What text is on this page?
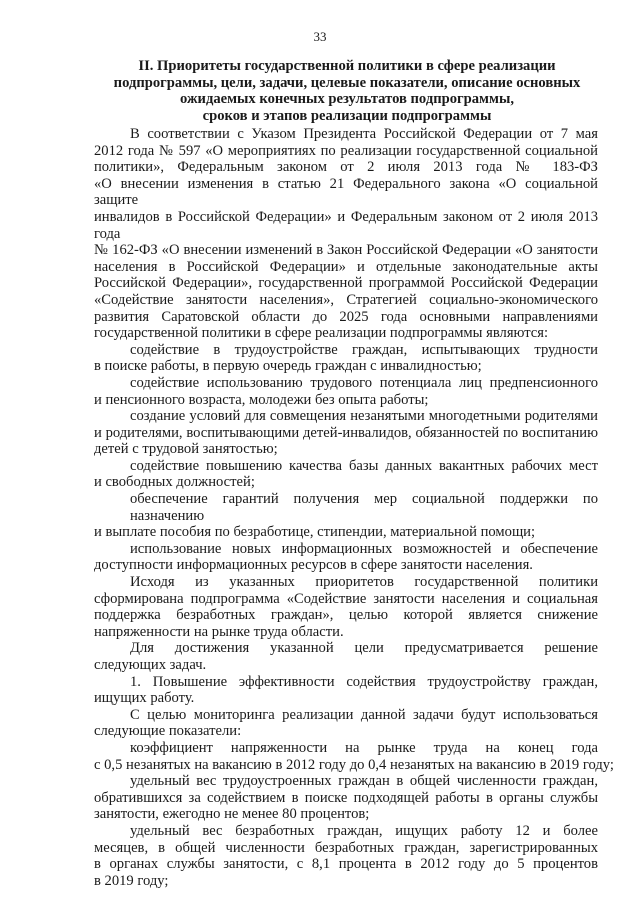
33
II. Приоритеты государственной политики в сфере реализации
подпрограммы, цели, задачи, целевые показатели, описание основных
ожидаемых конечных результатов подпрограммы,
сроков и этапов реализации подпрограммы
В соответствии с Указом Президента Российской Федерации от 7 мая
2012 года № 597 «О мероприятиях по реализации государственной социальной
политики», Федеральным законом от 2 июля 2013 года № 183-ФЗ
«О внесении изменения в статью 21 Федерального закона «О социальной защите
инвалидов в Российской Федерации» и Федеральным законом от 2 июля 2013 года
№ 162-ФЗ «О внесении изменений в Закон Российской Федерации «О занятости
населения в Российской Федерации» и отдельные законодательные акты
Российской Федерации», государственной программой Российской Федерации
«Содействие занятости населения», Стратегией социально-экономического
развития Саратовской области до 2025 года основными направлениями
государственной политики в сфере реализации подпрограммы являются:
содействие в трудоустройстве граждан, испытывающих трудности
в поиске работы, в первую очередь граждан с инвалидностью;
содействие использованию трудового потенциала лиц предпенсионного
и пенсионного возраста, молодежи без опыта работы;
создание условий для совмещения незанятыми многодетными родителями
и родителями, воспитывающими детей-инвалидов, обязанностей по воспитанию
детей с трудовой занятостью;
содействие повышению качества базы данных вакантных рабочих мест
и свободных должностей;
обеспечение гарантий получения мер социальной поддержки по назначению
и выплате пособия по безработице, стипендии, материальной помощи;
использование новых информационных возможностей и обеспечение
доступности информационных ресурсов в сфере занятости населения.
Исходя из указанных приоритетов государственной политики
сформирована подпрограмма «Содействие занятости населения и социальная
поддержка безработных граждан», целью которой является снижение
напряженности на рынке труда области.
Для достижения указанной цели предусматривается решение
следующих задач.
1. Повышение эффективности содействия трудоустройству граждан,
ищущих работу.
С целью мониторинга реализации данной задачи будут использоваться
следующие показатели:
коэффициент напряженности на рынке труда на конец года
с 0,5 незанятых на вакансию в 2012 году до 0,4 незанятых на вакансию в 2019 году;
удельный вес трудоустроенных граждан в общей численности граждан,
обратившихся за содействием в поиске подходящей работы в органы службы
занятости, ежегодно не менее 80 процентов;
удельный вес безработных граждан, ищущих работу 12 и более
месяцев, в общей численности безработных граждан, зарегистрированных
в органах службы занятости, с 8,1 процента в 2012 году до 5 процентов
в 2019 году;
